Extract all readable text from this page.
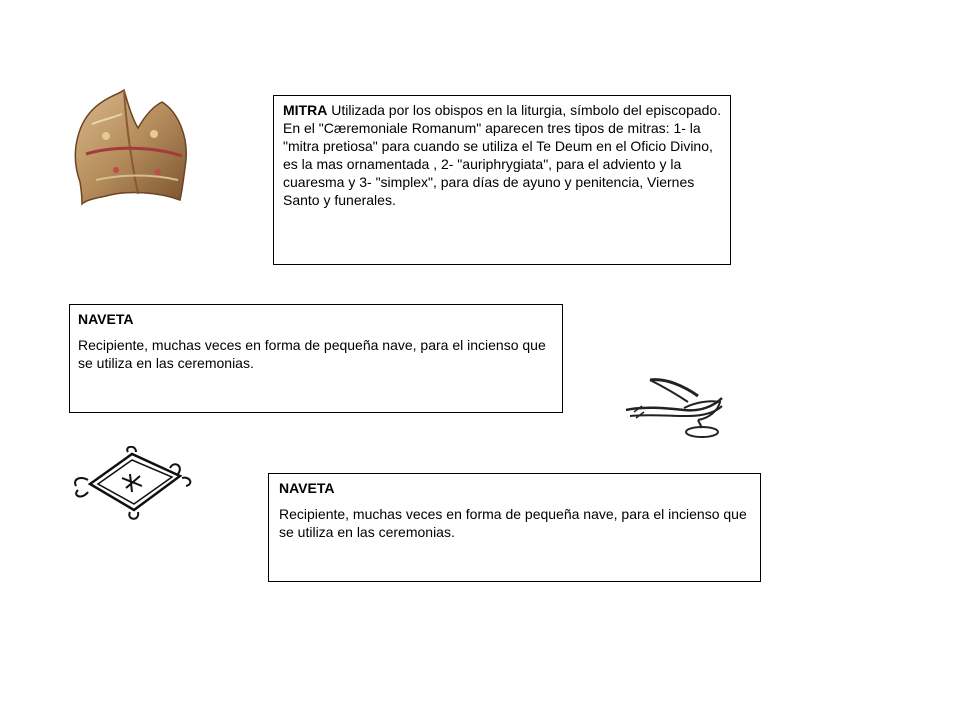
MITRA Utilizada por los obispos en la liturgia, símbolo del episcopado. En el "Cæremoniale Romanum" aparecen tres tipos de mitras: 1- la "mitra pretiosa" para cuando se utiliza el Te Deum en el Oficio Divino, es la mas ornamentada , 2- "auriphrygiata", para el adviento y la cuaresma y 3- "simplex", para días de ayuno y penitencia, Viernes Santo y funerales.

NAVETA

Recipiente, muchas veces en forma de pequeña nave, para el incienso que se utiliza en las ceremonias.

NAVETA

Recipiente, muchas veces en forma de pequeña nave, para el incienso que se utiliza en las ceremonias.
